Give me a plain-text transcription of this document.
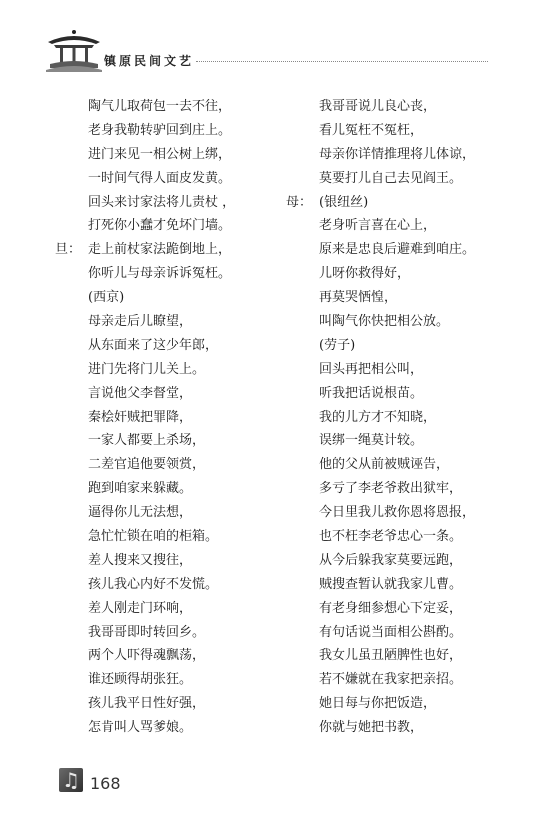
镇原民间文艺
陶气儿取荷包一去不往，
老身我勒转驴回到庄上。
进门来见一相公树上绑，
一时间气得人面皮发黄。
回头来讨家法将儿责杖 ，
打死你小蠢才免坏门墙。
旦： 走上前杖家法跪倒地上，
你听儿与母亲诉诉冤枉。
(西京)
母亲走后儿瞭望，
从东面来了这少年郎，
进门先将门儿关上。
言说他父李督堂，
秦桧奸贼把罪降，
一家人都要上杀场，
二差官追他要领赏，
跑到咱家来躲藏。
逼得你儿无法想，
急忙忙锁在咱的柜箱。
差人搜来又搜往，
孩儿我心内好不发慌。
差人刚走门环响，
我哥哥即时转回乡。
两个人吓得魂飘荡，
谁还顾得胡张狂。
孩儿我平日性好强，
怎肯叫人骂爹娘。
我哥哥说儿良心丧，
看儿冤枉不冤枉，
母亲你详情推理将儿体谅，
莫要打儿自己去见阎王。
母： (银纽丝)
老身听言喜在心上，
原来是忠良后避难到咱庄。
儿呀你救得好，
再莫哭恓惶，
叫陶气你快把相公放。
(劳子)
回头再把相公叫，
听我把话说根苗。
我的儿方才不知晓，
误绑一绳莫计较。
他的父从前被贼诬告，
多亏了李老爷救出狱牢，
今日里我儿救你恩将恩报，
也不枉李老爷忠心一条。
从今后躲我家莫要远跑，
贼搜查暂认就我家儿曹。
有老身细参想心下定妥，
有句话说当面相公斟酌。
我女儿虽丑陋脾性也好，
若不嫌就在我家把亲招。
她日每与你把饭造，
你就与她把书教，
♫ 168
